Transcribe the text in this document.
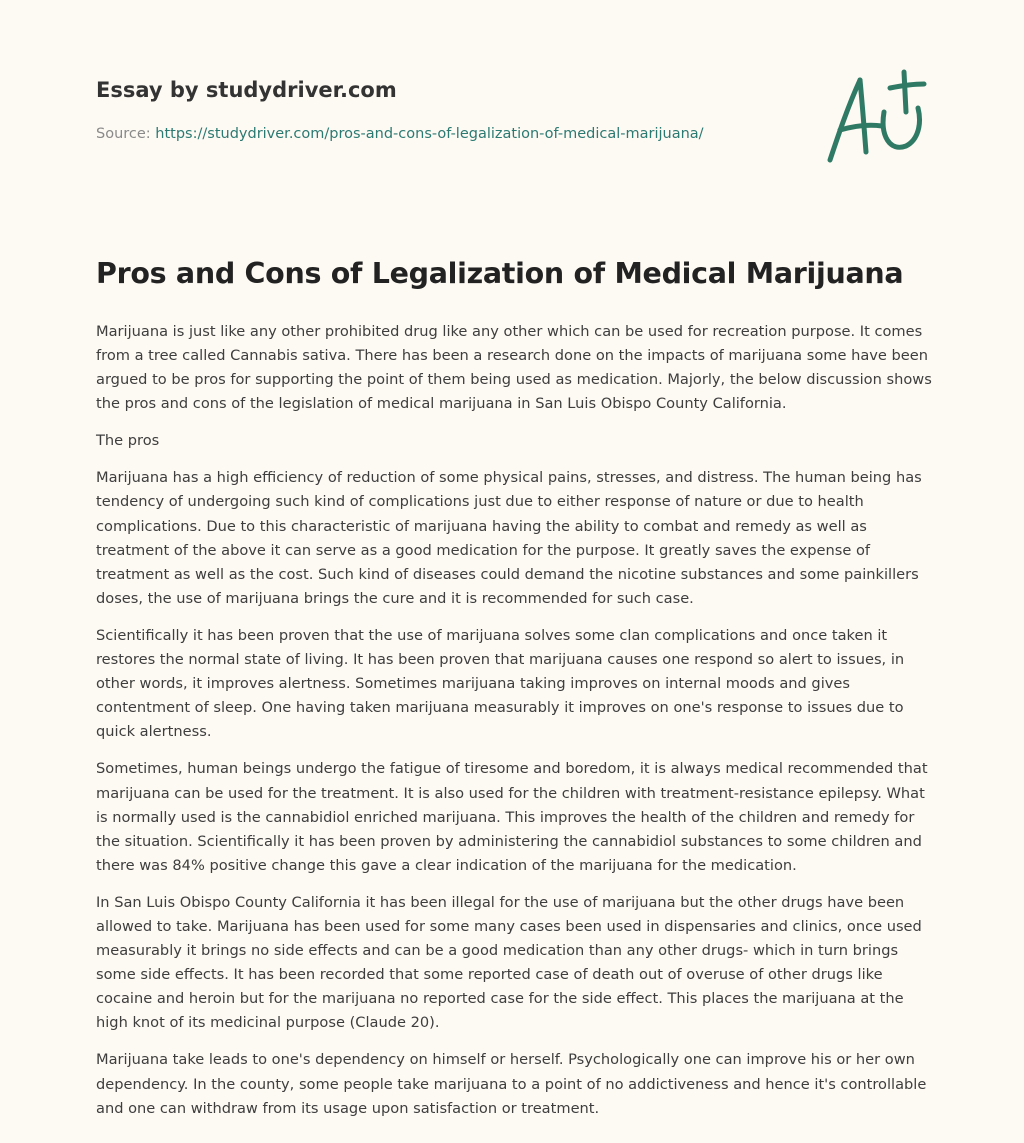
Essay by studydriver.com
Source: https://studydriver.com/pros-and-cons-of-legalization-of-medical-marijuana/
Pros and Cons of Legalization of Medical Marijuana

Marijuana is just like any other prohibited drug like any other which can be used for recreation purpose. It comes from a tree called Cannabis sativa. There has been a research done on the impacts of marijuana some have been argued to be pros for supporting the point of them being used as medication. Majorly, the below discussion shows the pros and cons of the legislation of medical marijuana in San Luis Obispo County California.

The pros

Marijuana has a high efficiency of reduction of some physical pains, stresses, and distress. The human being has tendency of undergoing such kind of complications just due to either response of nature or due to health complications. Due to this characteristic of marijuana having the ability to combat and remedy as well as treatment of the above it can serve as a good medication for the purpose. It greatly saves the expense of treatment as well as the cost. Such kind of diseases could demand the nicotine substances and some painkillers doses, the use of marijuana brings the cure and it is recommended for such case.

Scientifically it has been proven that the use of marijuana solves some clan complications and once taken it restores the normal state of living. It has been proven that marijuana causes one respond so alert to issues, in other words, it improves alertness. Sometimes marijuana taking improves on internal moods and gives contentment of sleep. One having taken marijuana measurably it improves on one's response to issues due to quick alertness.

Sometimes, human beings undergo the fatigue of tiresome and boredom, it is always medical recommended that marijuana can be used for the treatment. It is also used for the children with treatment-resistance epilepsy. What is normally used is the cannabidiol enriched marijuana. This improves the health of the children and remedy for the situation. Scientifically it has been proven by administering the cannabidiol substances to some children and there was 84% positive change this gave a clear indication of the marijuana for the medication.

In San Luis Obispo County California it has been illegal for the use of marijuana but the other drugs have been allowed to take. Marijuana has been used for some many cases been used in dispensaries and clinics, once used measurably it brings no side effects and can be a good medication than any other drugs- which in turn brings some side effects. It has been recorded that some reported case of death out of overuse of other drugs like cocaine and heroin but for the marijuana no reported case for the side effect. This places the marijuana at the high knot of its medicinal purpose (Claude 20).

Marijuana take leads to one's dependency on himself or herself. Psychologically one can improve his or her own dependency. In the county, some people take marijuana to a point of no addictiveness and hence it's controllable and one can withdraw from its usage upon satisfaction or treatment.
